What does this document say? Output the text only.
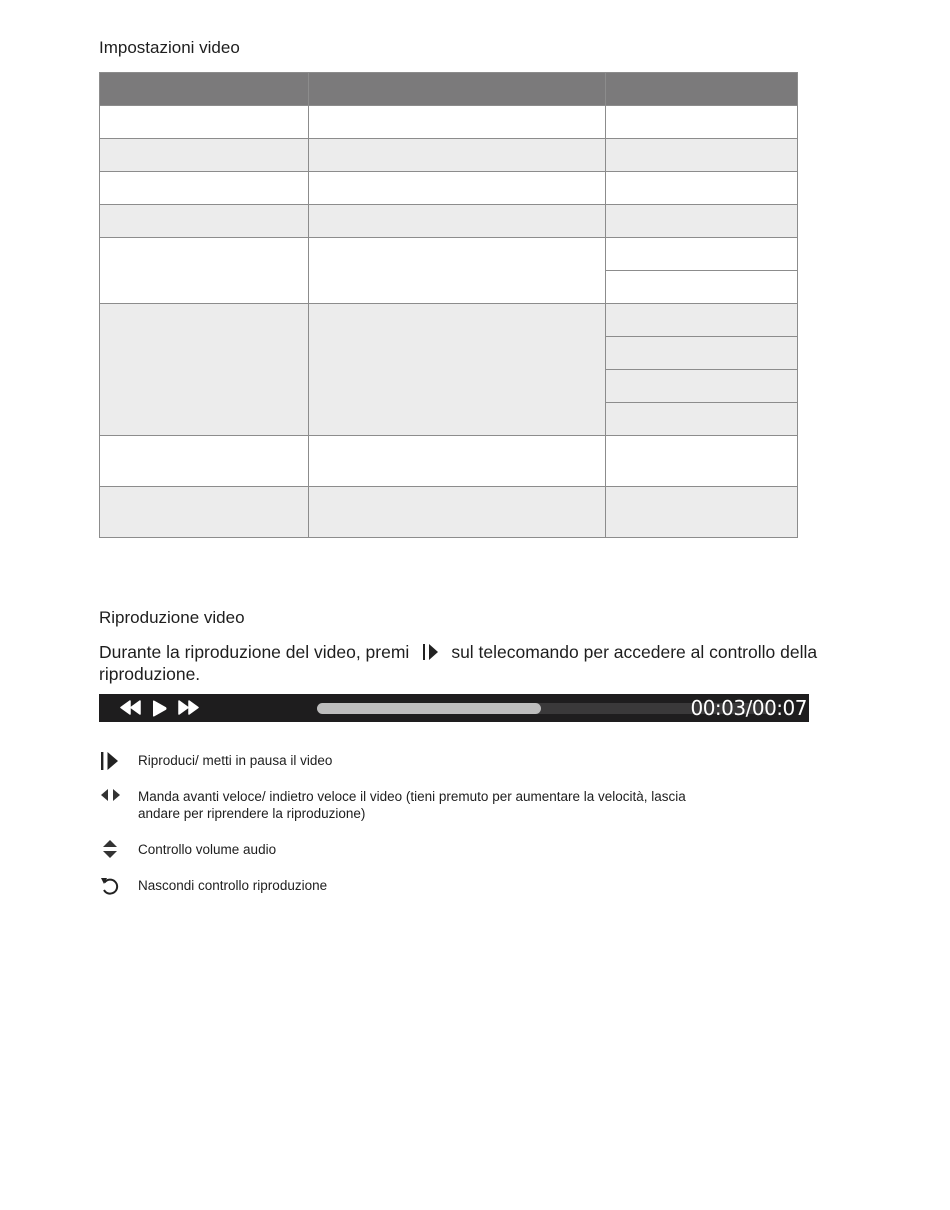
Impostazioni video

Riproduzione video
Durante la riproduzione del video, premi sul telecomando per accedere al controllo della riproduzione.
00:03/00:07
Riproduci/ metti in pausa il video
Manda avanti veloce/ indietro veloce il video (tieni premuto per aumentare la velocità, lascia andare per riprendere la riproduzione)
Controllo volume audio
Nascondi controllo riproduzione
